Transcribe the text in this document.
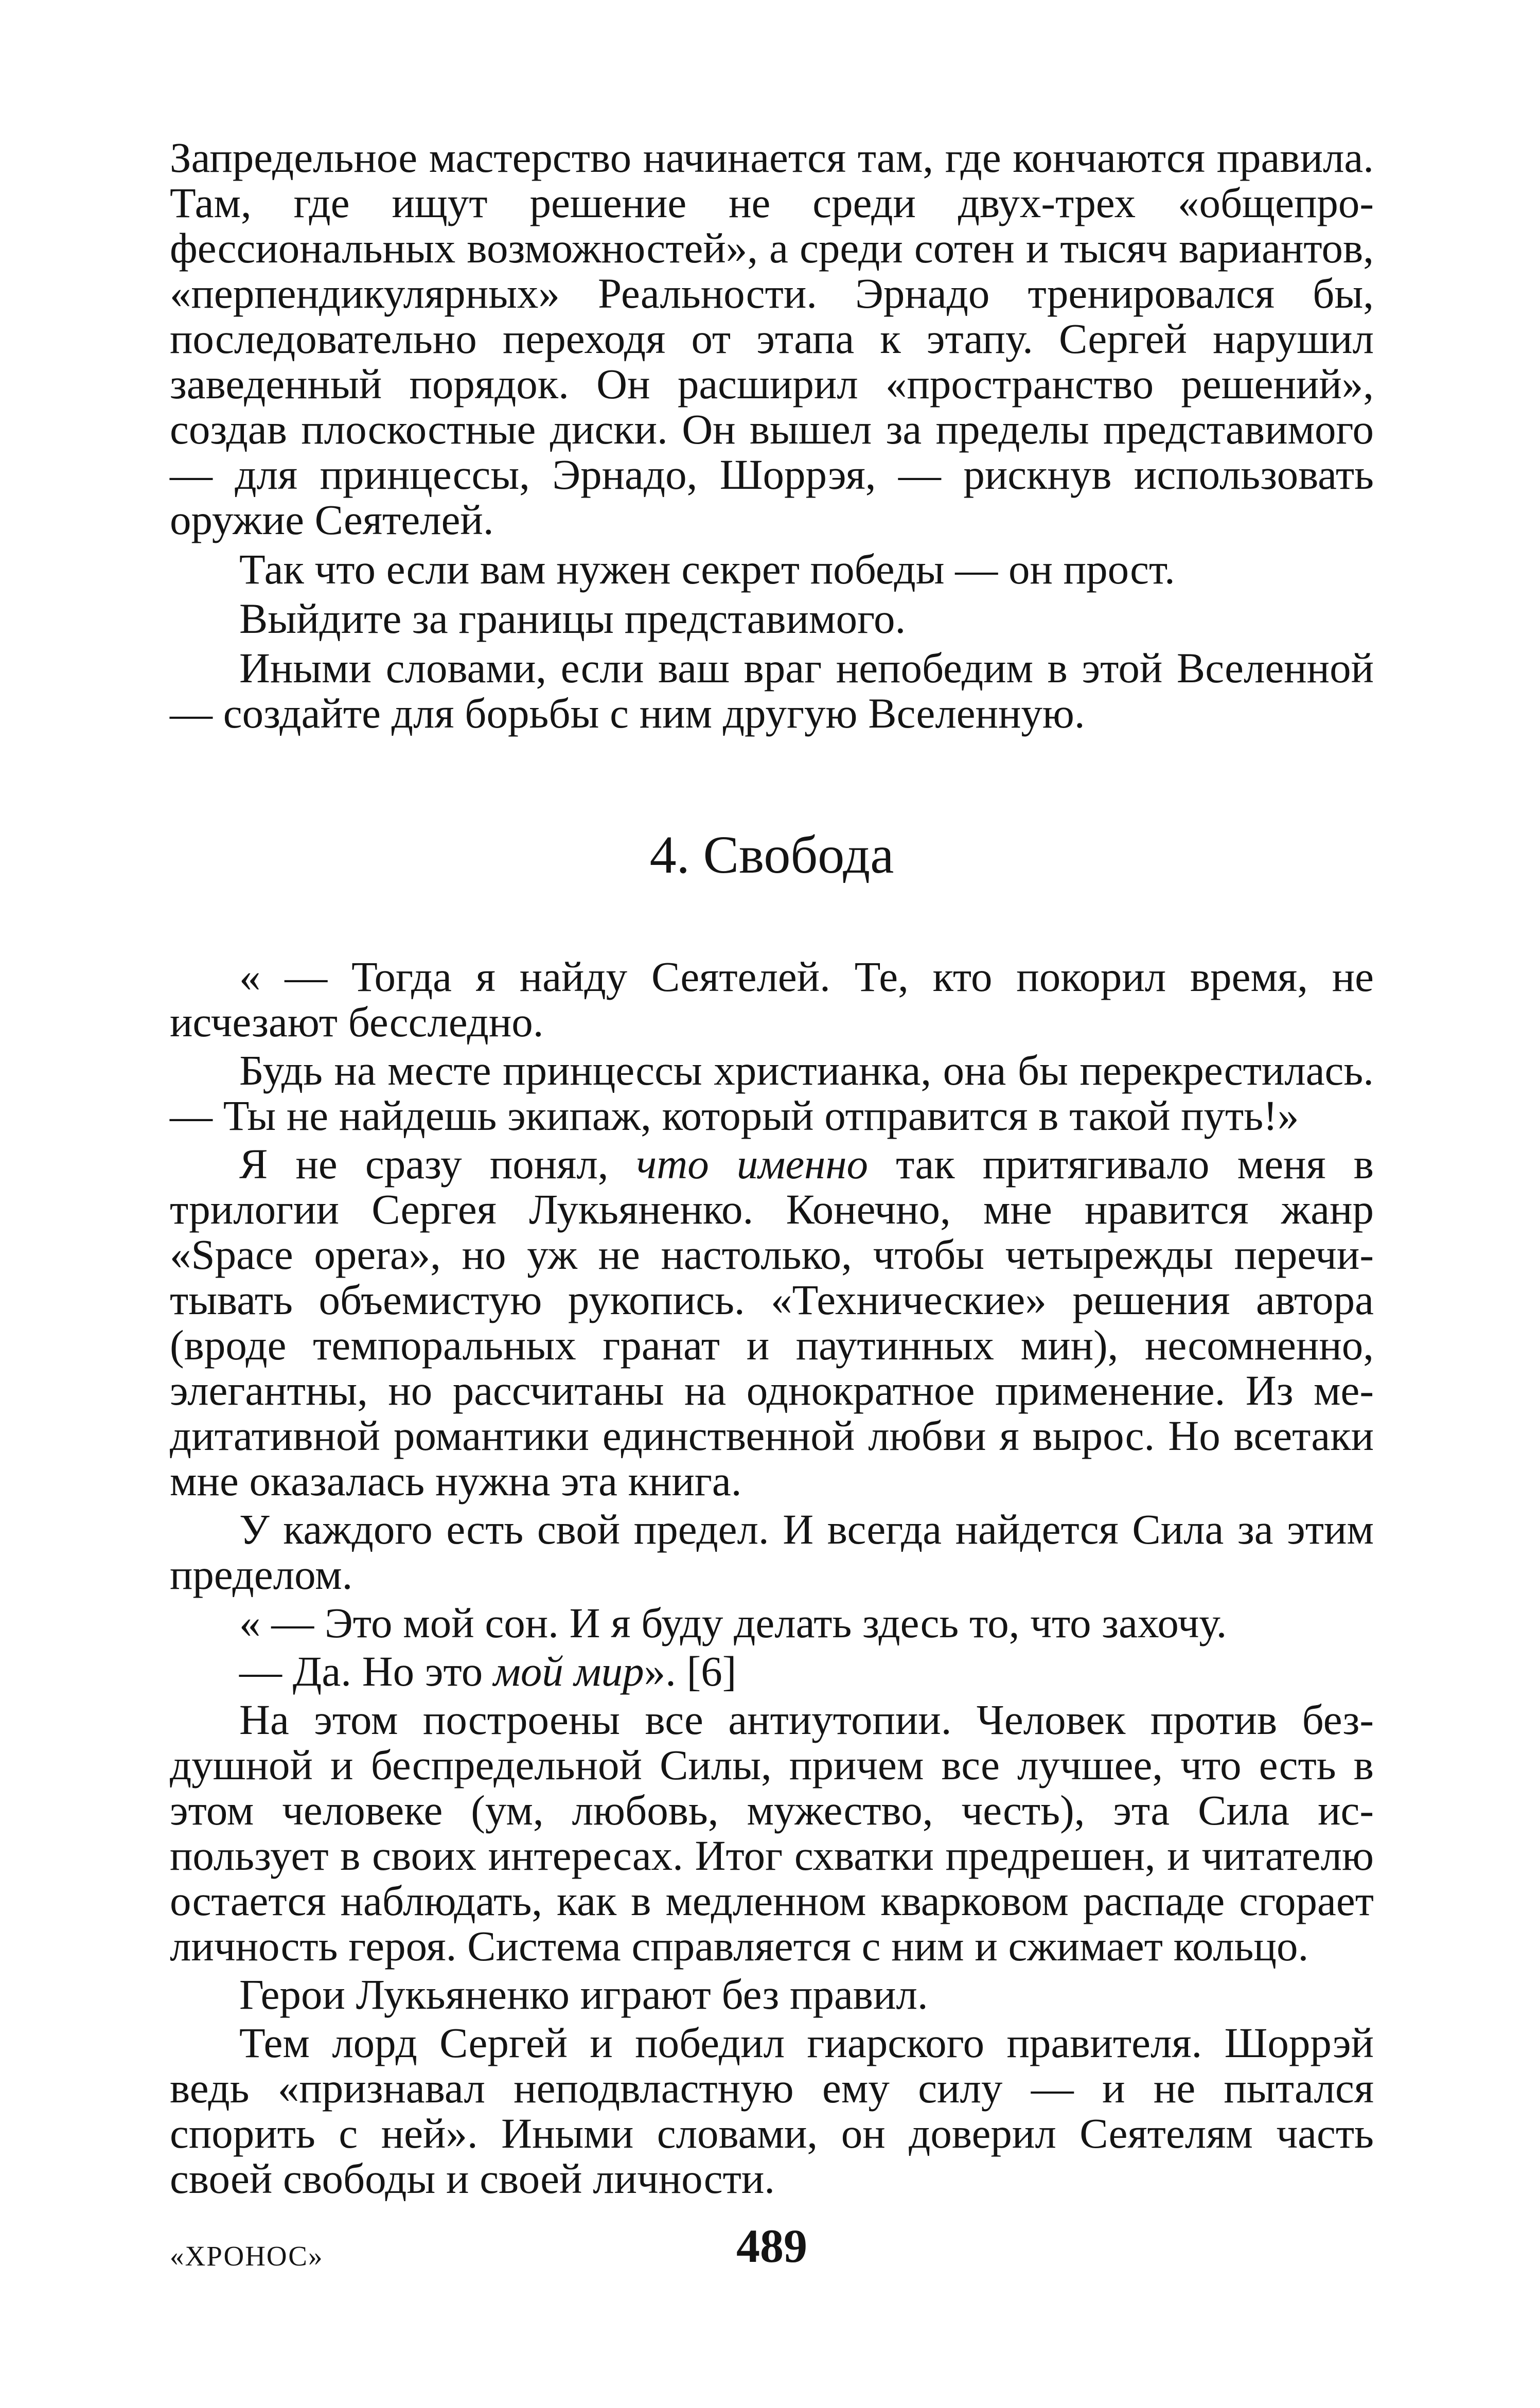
Запредельное мастерство начинается там, где кончаются правила. Там, где ищут решение не среди двух-трех «общепрофессиональных возможностей», а среди сотен и тысяч вариантов, «перпендикулярных» Реальности. Эрнадо тренировался бы, последовательно переходя от этапа к этапу. Сергей нарушил заведенный порядок. Он расширил «пространство решений», создав плоскостные диски. Он вышел за пределы представимого — для принцессы, Эрнадо, Шоррэя, — рискнув использовать оружие Сеятелей.

Так что если вам нужен секрет победы — он прост.

Выйдите за границы представимого.

Иными словами, если ваш враг непобедим в этой Вселенной — создайте для борьбы с ним другую Вселенную.

4. Свобода

« — Тогда я найду Сеятелей. Те, кто покорил время, не исчезают бесследно.

Будь на месте принцессы христианка, она бы перекрестилась. — Ты не найдешь экипаж, который отправится в такой путь!»

Я не сразу понял, что именно так притягивало меня в трилогии Сергея Лукьяненко. Конечно, мне нравится жанр «Space opera», но уж не настолько, чтобы четырежды перечитывать объемистую рукопись. «Технические» решения автора (вроде темпоральных гранат и паутинных мин), несомненно, элегантны, но рассчитаны на однократное применение. Из медитативной романтики единственной любви я вырос. Но всетаки мне оказалась нужна эта книга.

У каждого есть свой предел. И всегда найдется Сила за этим пределом.

« — Это мой сон. И я буду делать здесь то, что захочу.

— Да. Но это мой мир». [6]

На этом построены все антиутопии. Человек против бездушной и беспредельной Силы, причем все лучшее, что есть в этом человеке (ум, любовь, мужество, честь), эта Сила использует в своих интересах. Итог схватки предрешен, и читателю остается наблюдать, как в медленном кварковом распаде сгорает личность героя. Система справляется с ним и сжимает кольцо.

Герои Лукьяненко играют без правил.

Тем лорд Сергей и победил гиарского правителя. Шоррэй ведь «признавал неподвластную ему силу — и не пытался спорить с ней». Иными словами, он доверил Сеятелям часть своей свободы и своей личности.

«ХРОНОС»	489
